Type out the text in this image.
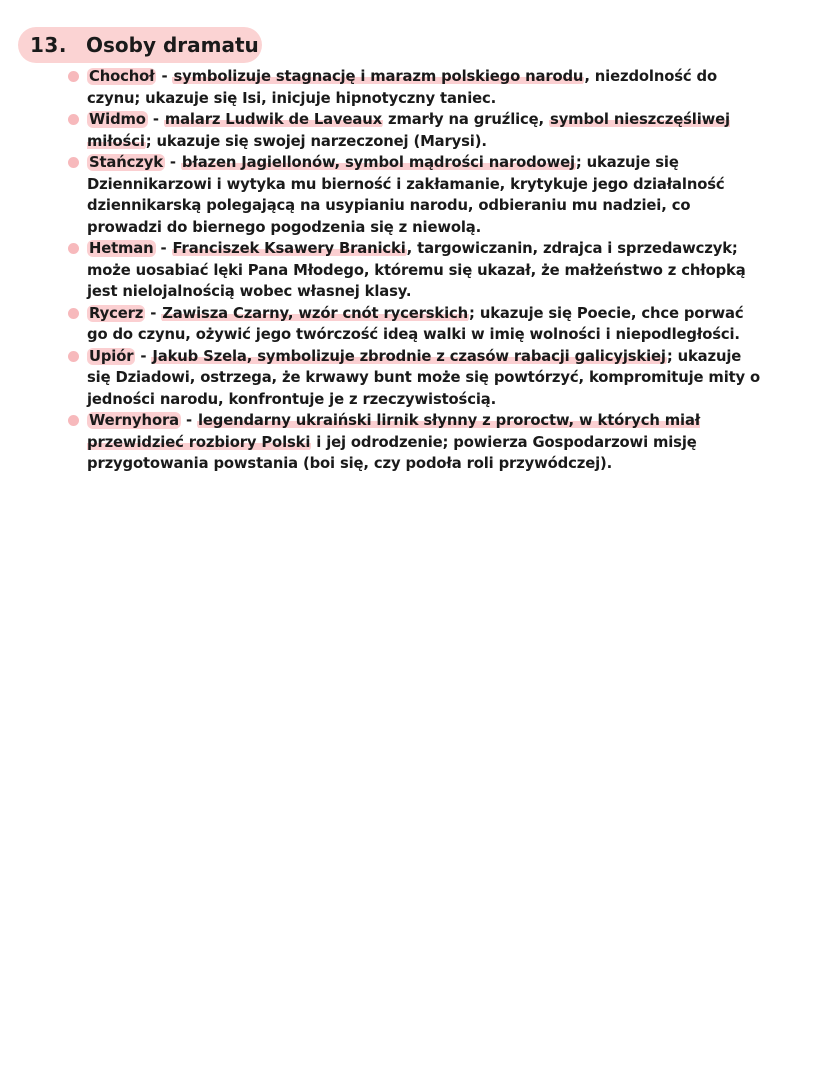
13. Osoby dramatu
Chochoł - symbolizuje stagnację i marazm polskiego narodu, niezdolność do czynu; ukazuje się Isi, inicjuje hipnotyczny taniec.
Widmo - malarz Ludwik de Laveaux zmarły na gruźlicę, symbol nieszczęśliwej miłości; ukazuje się swojej narzeczonej (Marysi).
Stańczyk - błazen Jagiellonów, symbol mądrości narodowej; ukazuje się Dziennikarzowi i wytyka mu bierność i zakłamanie, krytykuje jego działalność dziennikarską polegającą na usypianiu narodu, odbieraniu mu nadziei, co prowadzi do biernego pogodzenia się z niewolą.
Hetman - Franciszek Ksawery Branicki, targowiczanin, zdrajca i sprzedawczyk; może uosabiać lęki Pana Młodego, któremu się ukazał, że małżeństwo z chłopką jest nielojalnością wobec własnej klasy.
Rycerz - Zawisza Czarny, wzór cnót rycerskich; ukazuje się Poecie, chce porwać go do czynu, ożywić jego twórczość ideą walki w imię wolności i niepodległości.
Upiór - Jakub Szela, symbolizuje zbrodnie z czasów rabacji galicyjskiej; ukazuje się Dziadowi, ostrzega, że krwawy bunt może się powtórzyć, kompromituje mity o jedności narodu, konfrontuje je z rzeczywistością.
Wernyhora - legendarny ukraiński lirnik słynny z proroctw, w których miał przewidzieć rozbiory Polski i jej odrodzenie; powierza Gospodarzowi misję przygotowania powstania (boi się, czy podoła roli przywódczej).
